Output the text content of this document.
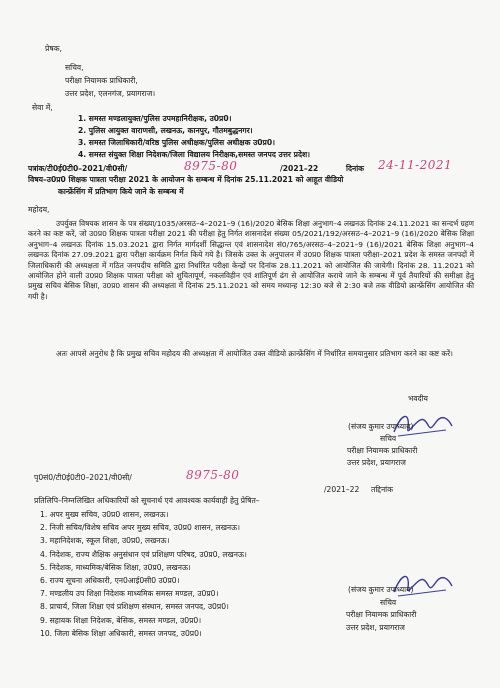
प्रेषक,
सचिव,
परीक्षा नियामक प्राधिकारी,
उत्तर प्रदेश, एलनगंज, प्रयागराज।
सेवा में,
1. समस्त मण्डलायुक्त/पुलिस उपमहानिरीक्षक, उ0प्र0।
2. पुलिस आयुक्त वाराणसी, लखनऊ, कानपुर, गौतमबुद्धनगर।
3. समस्त जिलाधिकारी/वरिष्ठ पुलिस अधीक्षक/पुलिस अधीक्षक उ0प्र0।
4. समस्त संयुक्त शिक्षा निदेशक/जिला विद्यालय निरीक्षक,समस्त जनपद उत्तर प्रदेश।
पत्रांक/टी0ई0टी0–2021/वी0सी/	8975-80	/2021–22	दिनांक 24-11-2021
विषय–उ0प्र0 शिक्षक पात्रता परीक्षा 2021 के आयोजन के सम्बन्ध में दिनांक 25.11.2021 को आहूत वीडियो
कान्फ्रेंसिंग में प्रतिभाग किये जाने के सम्बन्ध में
महोदय,
उपर्युक्त विषयक शासन के पत्र संख्या/1035/अरसठ–4–2021–9 (16)/2020 बेसिक शिक्षा अनुभाग–4 लखनऊ दिनांक 24.11.2021 का सन्दर्भ ग्रहण करने का कष्ट करें, जो उ0प्र0 शिक्षक पात्रता परीक्षा 2021 की परीक्षा हेतु निर्गत शासनादेश संख्या 05/2021/192/अरसठ–4–2021–9 (16)/2020 बेसिक शिक्षा अनुभाग–4 लखनऊ दिनांक 15.03.2021 द्वारा निर्गत मार्गदर्शी सिद्धान्त एवं शासनादेश सं0/765/अरसठ–4–2021–9 (16)/2021 बेसिक शिक्षा अनुभाग–4 लखनऊ दिनांक 27.09.2021 द्वारा परीक्षा कार्यक्रम निर्गत किये गये है। जिसके उक्त के अनुपालन में उ0प्र0 शिक्षक पात्रता परीक्षा–2021 प्रदेश के समस्त जनपदों में जिलाधिकारी की अध्यक्षता में गठित जनपदीय समिति द्वारा निर्धारित परीक्षा केन्द्रों पर दिनांक 28.11.2021 को आयोजित की जायेगी। दिनांक 28. 11.2021 को आयोजित होने वाली उ0प्र0 शिक्षक पात्रता परीक्षा को शुचितापूर्ण, नकलविहीन एवं शांतिपूर्ण ढंग से आयोजित कराये जाने के सम्बन्ध में पूर्व तैयारियों की समीक्षा हेतु प्रमुख सचिव बेसिक शिक्षा, उ0प्र0 शासन की अध्यक्षता में दिनांक 25.11.2021 को समय मध्यान्ह 12:30 बजे से 2:30 बजे तक वीडियो क्रान्फ्रेंसिंग आयोजित की गयी है।
अतः आपसे अनुरोध है कि प्रमुख सचिव महोदय की अध्यक्षता में आयोजित उक्त वीडियो क्रान्फ्रेंसिंग में निर्धारित समयानुसार प्रतिभाग करने का कष्ट करें।
भवदीय
(संजय कुमार उपाध्याय)
सचिव
परीक्षा नियामक प्राधिकारी
उत्तर प्रदेश, प्रयागराज
पृ0सं0/टी0ई0टी0–2021/वी0सी/	8975-80
/2021–22 तद्दिनांक
प्रतिलिपि–निम्नलिखित अधिकारियों को सूचनार्थ एवं आवश्यक कार्यवाही हेतु प्रेषित–
1. अपर मुख्य सचिव, उ0प्र0 शासन, लखनऊ।
2. निजी सचिव/विशेष सचिव अपर मुख्य सचिव, उ0प्र0 शासन, लखनऊ।
3. महानिदेशक, स्कूल शिक्षा, उ0प्र0, लखनऊ।
4. निदेशक, राज्य शैक्षिक अनुसंधान एवं प्रशिक्षण परिषद, उ0प्र0, लखनऊ।
5. निदेशक, माध्यमिक/बेसिक शिक्षा, उ0प्र0, लखनऊ।
6. राज्य सूचना अधिकारी, एन0आई0सी0 उ0प्र0।
7. मण्डलीय उप शिक्षा निदेशक माध्यमिक समस्त मण्डल, उ0प्र0।
8. प्राचार्य, जिला शिक्षा एवं प्रशिक्षण संस्थान, समस्त जनपद, उ0प्र0।
9. सहायक शिक्षा निदेशक, बेसिक, समस्त मण्डल, उ0प्र0।
10. जिला बेसिक शिक्षा अधिकारी, समस्त जनपद, उ0प्र0।
(संजय कुमार उपाध्याय)
सचिव
परीक्षा नियामक प्राधिकारी
उत्तर प्रदेश, प्रयागराज
